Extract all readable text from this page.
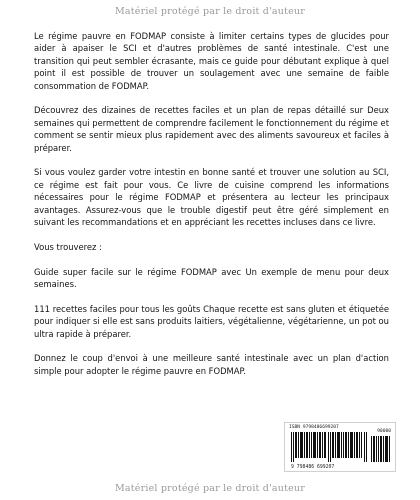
Matériel protégé par le droit d'auteur

Le régime pauvre en FODMAP consiste à limiter certains types de glucides pour aider à apaiser le SCI et d'autres problèmes de santé intestinale. C'est une transition qui peut sembler écrasante, mais ce guide pour débutant explique à quel point il est possible de trouver un soulagement avec une semaine de faible consommation de FODMAP.

Découvrez des dizaines de recettes faciles et un plan de repas détaillé sur Deux semaines qui permettent de comprendre facilement le fonctionnement du régime et comment se sentir mieux plus rapidement avec des aliments savoureux et faciles à préparer.

Si vous voulez garder votre intestin en bonne santé et trouver une solution au SCI, ce régime est fait pour vous. Ce livre de cuisine comprend les informations nécessaires pour le régime FODMAP et présentera au lecteur les principaux avantages. Assurez-vous que le trouble digestif peut être géré simplement en suivant les recommandations et en appréciant les recettes incluses dans ce livre.

Vous trouverez :

Guide super facile sur le régime FODMAP avec Un exemple de menu pour deux semaines.

111 recettes faciles pour tous les goûts Chaque recette est sans gluten et étiquetée pour indiquer si elle est sans produits laitiers, végétalienne, végétarienne, un pot ou ultra rapide à préparer.

Donnez le coup d'envoi à une meilleure santé intestinale avec un plan d'action simple pour adopter le régime pauvre en FODMAP.

ISBN 9798486699207
90000
9 798486 699207
Matériel protégé par le droit d'auteur
